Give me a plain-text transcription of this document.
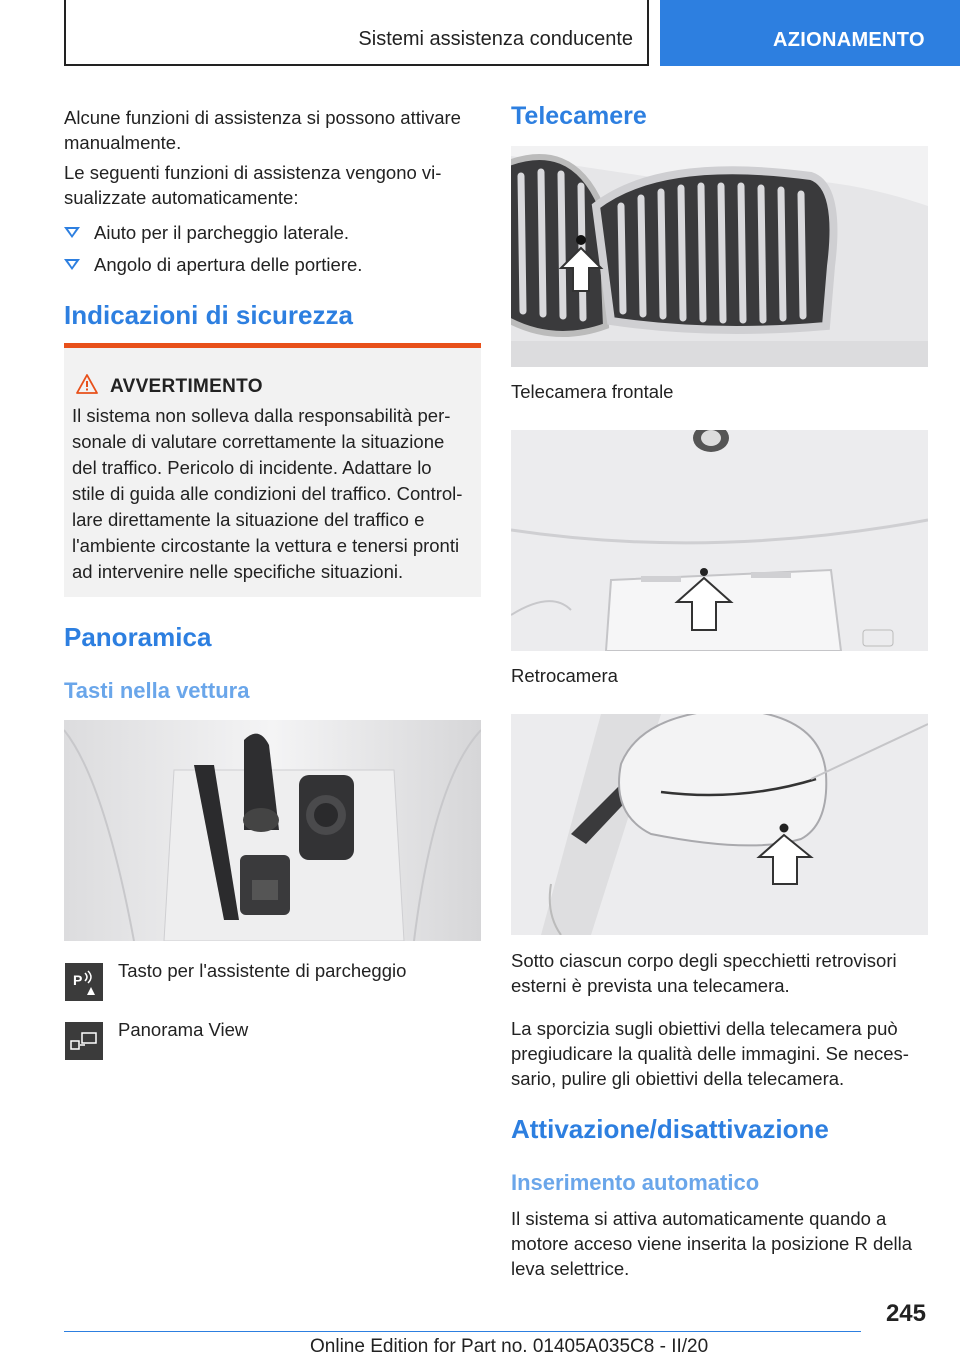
Sistemi assistenza conducente	AZIONAMENTO

Alcune funzioni di assistenza si possono attivare manualmente.

Le seguenti funzioni di assistenza vengono vi-
sualizzate automaticamente:

Aiuto per il parcheggio laterale.
Angolo di apertura delle portiere.
Indicazioni di sicurezza
AVVERTIMENTO
Il sistema non solleva dalla responsabilità per-
sonale di valutare correttamente la situazione
del traffico. Pericolo di incidente. Adattare lo
stile di guida alle condizioni del traffico. Control-
lare direttamente la situazione del traffico e
l'ambiente circostante la vettura e tenersi pronti
ad intervenire nelle specifiche situazioni.
Panoramica
Tasti nella vettura
P Tasto per l'assistente di parcheggio
Panorama View
Telecamere
Telecamera frontale
Retrocamera

Sotto ciascun corpo degli specchietti retrovisori
esterni è prevista una telecamera.

La sporcizia sugli obiettivi della telecamera può
pregiudicare la qualità delle immagini. Se neces-
sario, pulire gli obiettivi della telecamera.

Attivazione/disattivazione
Inserimento automatico

Il sistema si attiva automaticamente quando a
motore acceso viene inserita la posizione R della
leva selettrice.

245
Online Edition for Part no. 01405A035C8 - II/20
